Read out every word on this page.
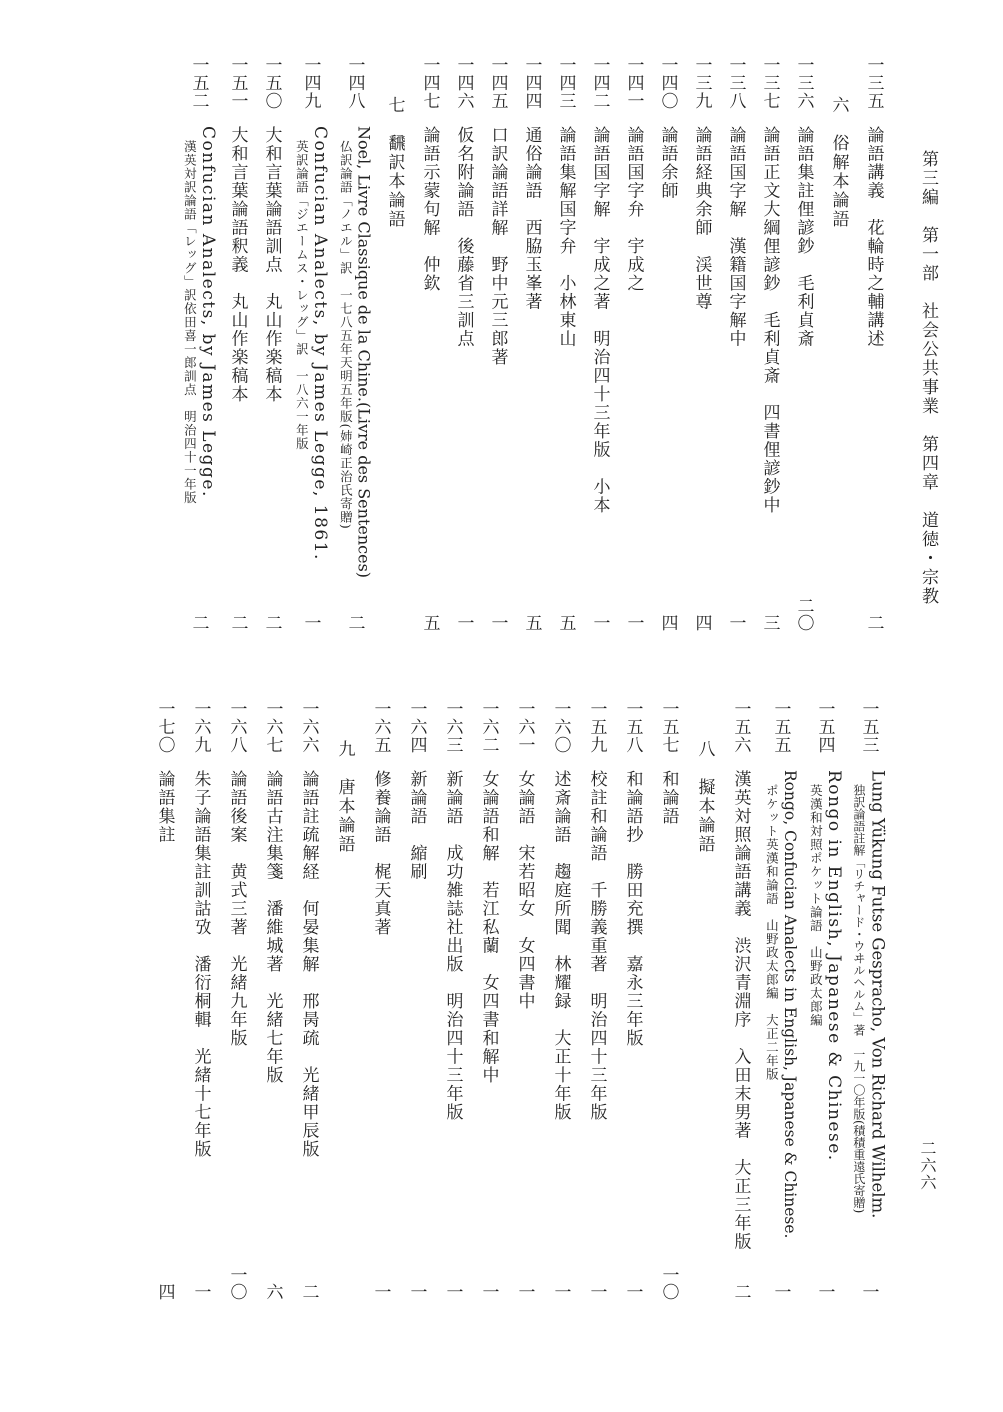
第三編　第一部　社会公共事業　第四章　道徳・宗教
二六六
一三五
論語講義　花輪時之輔講述
二
六　俗解本論語
一三六
論語集註俚諺鈔　毛利貞斎
二〇
一三七
論語正文大綱俚諺鈔　毛利貞斎　四書俚諺鈔中
三
一三八
論語国字解　漢籍国字解中
一
一三九
論語経典余師　渓世尊
四
一四〇
論語余師
四
一四一
論語国字弁　宇成之
一
一四二
論語国字解　宇成之著　明治四十三年版　小本
一
一四三
論語集解国字弁　小林東山
五
一四四
通俗論語　西脇玉峯著
五
一四五
口訳論語詳解　野中元三郎著
一
一四六
仮名附論語　後藤省三訓点
一
一四七
論語示蒙句解　仲欽
五
七　飜訳本論語
一四八
Noel, Livre Classique de la Chine.(Livre des Sentences)
仏訳論語「ノエル」訳　一七八五年天明五年版(姉崎正治氏寄贈)
二
一四九
Confucian Analects, by James Legge, 1861.
英訳論語「ジエームス・レッグ」訳　一八六一年版
一
一五〇
大和言葉論語訓点　丸山作楽稿本
二
一五一
大和言葉論語釈義　丸山作楽稿本
二
一五二
Confucian Analects, by James Legge.
漢英対訳論語「レッグ」訳依田喜一郎訓点　明治四十一年版
二
一五三
Lung Yükung Futse Gespracho, Von Richard Wilhelm.
独訳論語註解「リチャード・ウヰルヘルム」著　一九一〇年版(積積重遠氏寄贈)
一
一五四
Rongo in English, Japanese & Chinese.
英漢和対照ポケット論語　山野政太郎編
一
一五五
Rongo, Confucian Analects in English, Japanese & Chinese.
ポケット英漢和論語　山野政太郎編　大正二年版
一
一五六
漢英対照論語講義　渋沢青淵序　入田末男著　大正三年版
二
八　擬本論語
一五七
和論語
一〇
一五八
和論語抄　勝田充撰　嘉永三年版
一
一五九
校註和論語　千勝義重著　明治四十三年版
一
一六〇
述斎論語　趨庭所聞　林耀録　大正十年版
一
一六一
女論語　宋若昭女　女四書中
一
一六二
女論語和解　若江私蘭　女四書和解中
一
一六三
新論語　成功雑誌社出版　明治四十三年版
一
一六四
新論語　縮刷
一
一六五
修養論語　梶天真著
一
九　唐本論語
一六六
論語註疏解経　何晏集解　邢昺疏　光緒甲辰版
二
一六七
論語古注集箋　潘維城著　光緒七年版
六
一六八
論語後案　黄式三著　光緒九年版
一〇
一六九
朱子論語集註訓詁攷　潘衍桐輯　光緒十七年版
一
一七〇
論語集註
四
